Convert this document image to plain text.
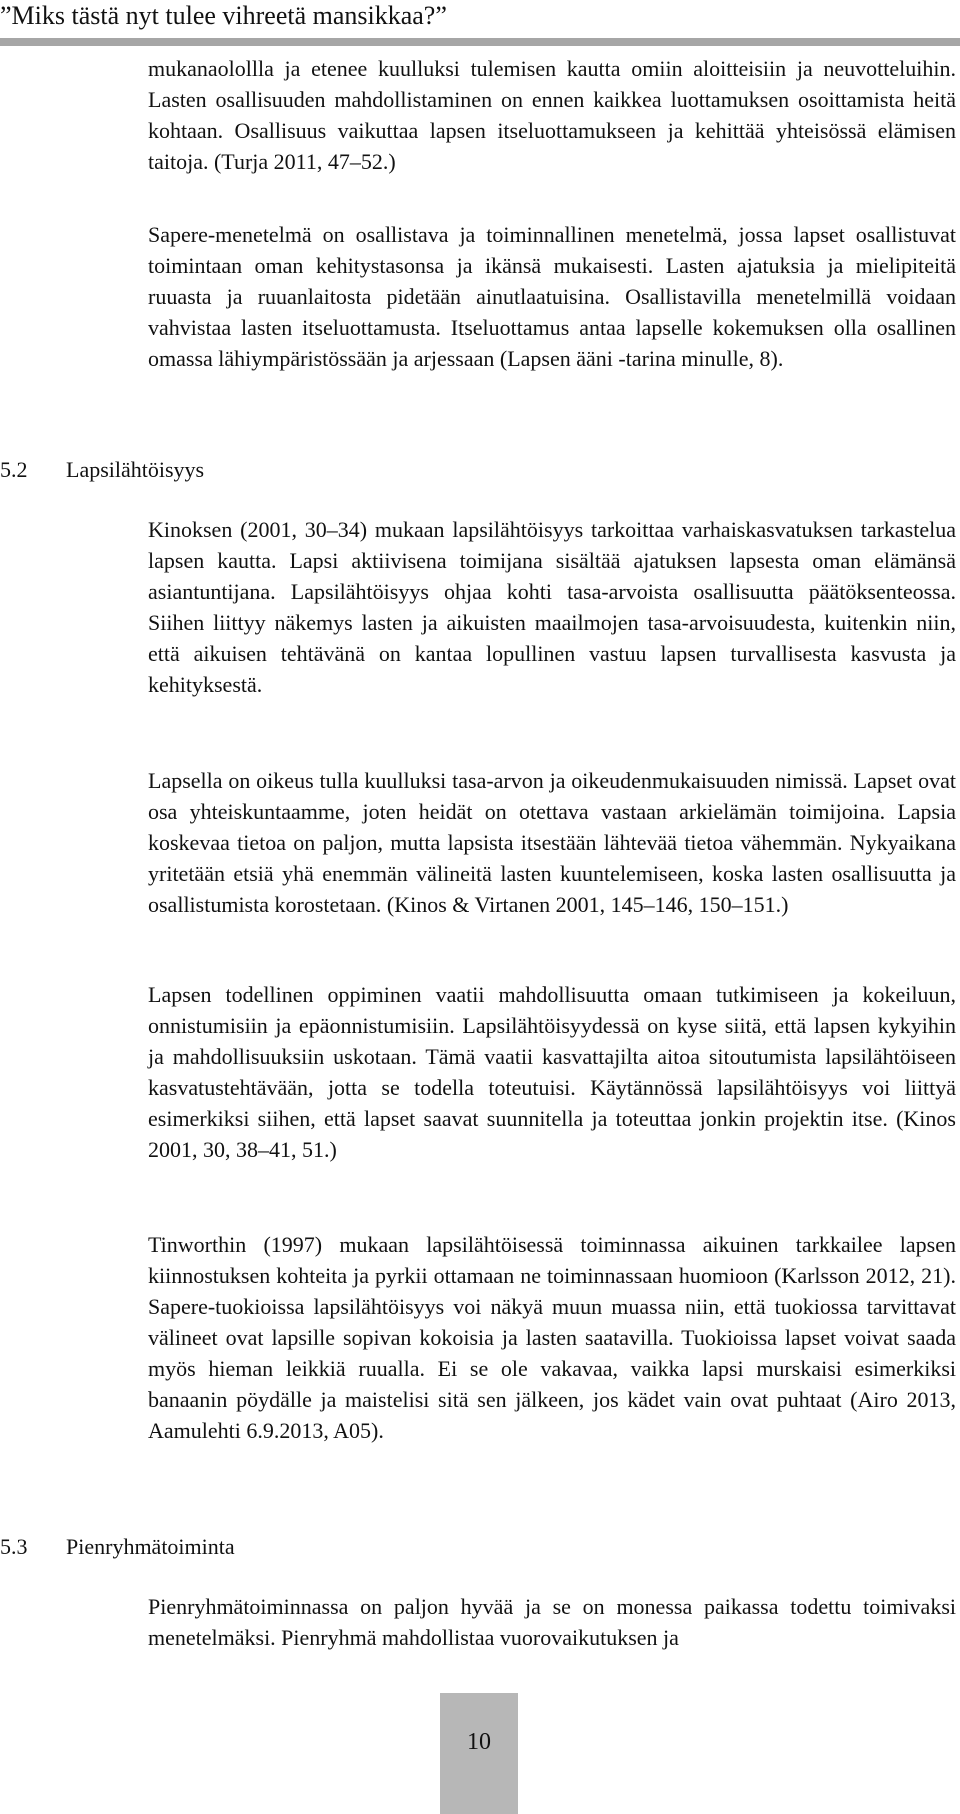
”Miks tästä nyt tulee vihreetä mansikkaa?”

mukanaolollla ja etenee kuulluksi tulemisen kautta omiin aloitteisiin ja neuvotteluihin. Lasten osallisuuden mahdollistaminen on ennen kaikkea luottamuksen osoittamista heitä kohtaan. Osallisuus vaikuttaa lapsen itseluottamukseen ja kehittää yhteisössä elämisen taitoja. (Turja 2011, 47–52.)

Sapere-menetelmä on osallistava ja toiminnallinen menetelmä, jossa lapset osallistuvat toimintaan oman kehitystasonsa ja ikänsä mukaisesti. Lasten ajatuksia ja mielipiteitä ruuasta ja ruuanlaitosta pidetään ainutlaatuisina. Osallistavilla menetelmillä voidaan vahvistaa lasten itseluottamusta. Itseluottamus antaa lapselle kokemuksen olla osallinen omassa lähiympäristössään ja arjessaan (Lapsen ääni -tarina minulle, 8).

5.2 Lapsilähtöisyys

Kinoksen (2001, 30–34) mukaan lapsilähtöisyys tarkoittaa varhaiskasvatuksen tarkastelua lapsen kautta. Lapsi aktiivisena toimijana sisältää ajatuksen lapsesta oman elämänsä asiantuntijana. Lapsilähtöisyys ohjaa kohti tasa-arvoista osallisuutta päätöksenteossa. Siihen liittyy näkemys lasten ja aikuisten maailmojen tasa-arvoisuudesta, kuitenkin niin, että aikuisen tehtävänä on kantaa lopullinen vastuu lapsen turvallisesta kasvusta ja kehityksestä.

Lapsella on oikeus tulla kuulluksi tasa-arvon ja oikeudenmukaisuuden nimissä. Lapset ovat osa yhteiskuntaamme, joten heidät on otettava vastaan arkielämän toimijoina. Lapsia koskevaa tietoa on paljon, mutta lapsista itsestään lähtevää tietoa vähemmän. Nykyaikana yritetään etsiä yhä enemmän välineitä lasten kuuntelemiseen, koska lasten osallisuutta ja osallistumista korostetaan. (Kinos & Virtanen 2001, 145–146, 150–151.)

Lapsen todellinen oppiminen vaatii mahdollisuutta omaan tutkimiseen ja kokeiluun, onnistumisiin ja epäonnistumisiin. Lapsilähtöisyydessä on kyse siitä, että lapsen kykyihin ja mahdollisuuksiin uskotaan. Tämä vaatii kasvattajilta aitoa sitoutumista lapsilähtöiseen kasvatustehtävään, jotta se todella toteutuisi. Käytännössä lapsilähtöisyys voi liittyä esimerkiksi siihen, että lapset saavat suunnitella ja toteuttaa jonkin projektin itse. (Kinos 2001, 30, 38–41, 51.)

Tinworthin (1997) mukaan lapsilähtöisessä toiminnassa aikuinen tarkkailee lapsen kiinnostuksen kohteita ja pyrkii ottamaan ne toiminnassaan huomioon (Karlsson 2012, 21). Sapere-tuokioissa lapsilähtöisyys voi näkyä muun muassa niin, että tuokiossa tarvittavat välineet ovat lapsille sopivan kokoisia ja lasten saatavilla. Tuokioissa lapset voivat saada myös hieman leikkiä ruualla. Ei se ole vakavaa, vaikka lapsi murskaisi esimerkiksi banaanin pöydälle ja maistelisi sitä sen jälkeen, jos kädet vain ovat puhtaat (Airo 2013, Aamulehti 6.9.2013, A05).

5.3 Pienryhmätoiminta

Pienryhmätoiminnassa on paljon hyvää ja se on monessa paikassa todettu toimivaksi menetelmäksi. Pienryhmä mahdollistaa vuorovaikutuksen ja

10
